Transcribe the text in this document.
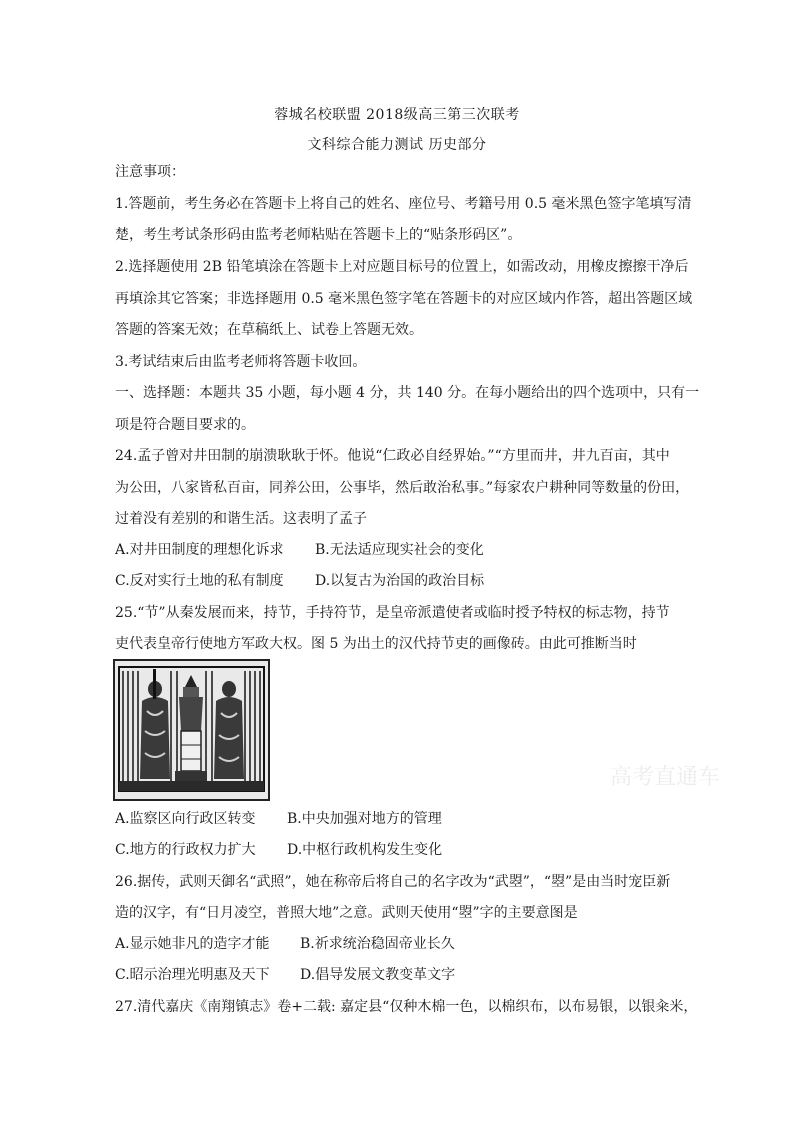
蓉城名校联盟 2018级高三第三次联考
文科综合能力测试 历史部分
注意事项：
1.答题前，考生务必在答题卡上将自己的姓名、座位号、考籍号用 0.5 毫米黑色签字笔填写清
楚，考生考试条形码由监考老师粘贴在答题卡上的“贴条形码区”。
2.选择题使用 2B 铅笔填涂在答题卡上对应题目标号的位置上，如需改动，用橡皮擦擦干净后
再填涂其它答案；非选择题用 0.5 毫米黑色签字笔在答题卡的对应区域内作答，超出答题区域
答题的答案无效；在草稿纸上、试卷上答题无效。
3.考试结束后由监考老师将答题卡收回。
一、选择题：本题共 35 小题，每小题 4 分，共 140 分。在每小题给出的四个选项中，只有一
项是符合题目要求的。
24.孟子曾对井田制的崩溃耿耿于怀。他说“仁政必自经界始。”“方里而井，井九百亩，其中
为公田，八家皆私百亩，同养公田，公事毕，然后敢治私事。”每家农户耕种同等数量的份田，
过着没有差别的和谐生活。这表明了孟子
A.对井田制度的理想化诉求 B.无法适应现实社会的变化
C.反对实行土地的私有制度 D.以复古为治国的政治目标
25.“节”从秦发展而来，持节，手持符节，是皇帝派遣使者或临时授予特权的标志物，持节
吏代表皇帝行使地方军政大权。图 5 为出土的汉代持节吏的画像砖。由此可推断当时
高考直通车
A.监察区向行政区转变 B.中央加强对地方的管理
C.地方的行政权力扩大 D.中枢行政机构发生变化
26.据传，武则天御名“武照”，她在称帝后将自己的名字改为“武曌”，“曌”是由当时宠臣新
造的汉字，有“日月凌空，普照大地”之意。武则天使用“曌”字的主要意图是
A.显示她非凡的造字才能 B.祈求统治稳固帝业长久
C.昭示治理光明惠及天下 D.倡导发展文教变革文字
27.清代嘉庆《南翔镇志》卷+二载: 嘉定县“仅种木棉一色，以棉织布，以布易银，以银籴米，
